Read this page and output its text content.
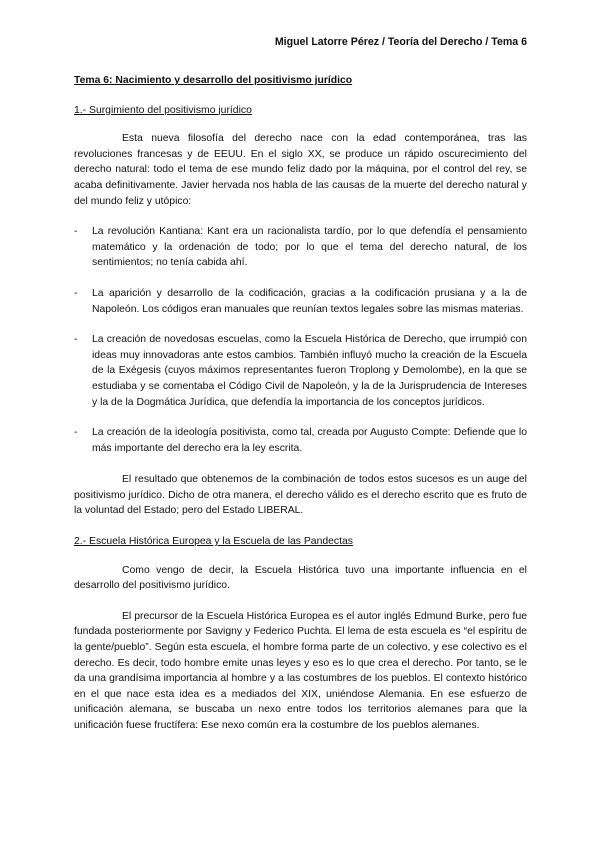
Miguel Latorre Pérez / Teoría del Derecho / Tema 6
Tema 6: Nacimiento y desarrollo del positivismo jurídico
1.- Surgimiento del positivismo jurídico

Esta nueva filosofía del derecho nace con la edad contemporánea, tras las revoluciones francesas y de EEUU. En el siglo XX, se produce un rápido oscurecimiento del derecho natural: todo el tema de ese mundo feliz dado por la máquina, por el control del rey, se acaba definitivamente. Javier hervada nos habla de las causas de la muerte del derecho natural y del mundo feliz y utópico:

- La revolución Kantiana: Kant era un racionalista tardío, por lo que defendía el pensamiento matemático y la ordenación de todo; por lo que el tema del derecho natural, de los sentimientos; no tenía cabida ahí.
- La aparición y desarrollo de la codificación, gracias a la codificación prusiana y a la de Napoleón. Los códigos eran manuales que reunían textos legales sobre las mismas materias.
- La creación de novedosas escuelas, como la Escuela Histórica de Derecho, que irrumpió con ideas muy innovadoras ante estos cambios. También influyó mucho la creación de la Escuela de la Exégesis (cuyos máximos representantes fueron Troplong y Demolombe), en la que se estudiaba y se comentaba el Código Civil de Napoleón, y la de la Jurisprudencia de Intereses y la de la Dogmática Jurídica, que defendía la importancia de los conceptos jurídicos.
- La creación de la ideología positivista, como tal, creada por Augusto Compte: Defiende que lo más importante del derecho era la ley escrita.

El resultado que obtenemos de la combinación de todos estos sucesos es un auge del positivismo jurídico. Dicho de otra manera, el derecho válido es el derecho escrito que es fruto de la voluntad del Estado; pero del Estado LIBERAL.

2.- Escuela Histórica Europea y la Escuela de las Pandectas

Como vengo de decir, la Escuela Histórica tuvo una importante influencia en el desarrollo del positivismo jurídico.

El precursor de la Escuela Histórica Europea es el autor inglés Edmund Burke, pero fue fundada posteriormente por Savigny y Federico Puchta. El lema de esta escuela es “el espíritu de la gente/pueblo”. Según esta escuela, el hombre forma parte de un colectivo, y ese colectivo es el derecho. Es decir, todo hombre emite unas leyes y eso es lo que crea el derecho. Por tanto, se le da una grandísima importancia al hombre y a las costumbres de los pueblos. El contexto histórico en el que nace esta idea es a mediados del XIX, uniéndose Alemania. En ese esfuerzo de unificación alemana, se buscaba un nexo entre todos los territorios alemanes para que la unificación fuese fructífera: Ese nexo común era la costumbre de los pueblos alemanes.
